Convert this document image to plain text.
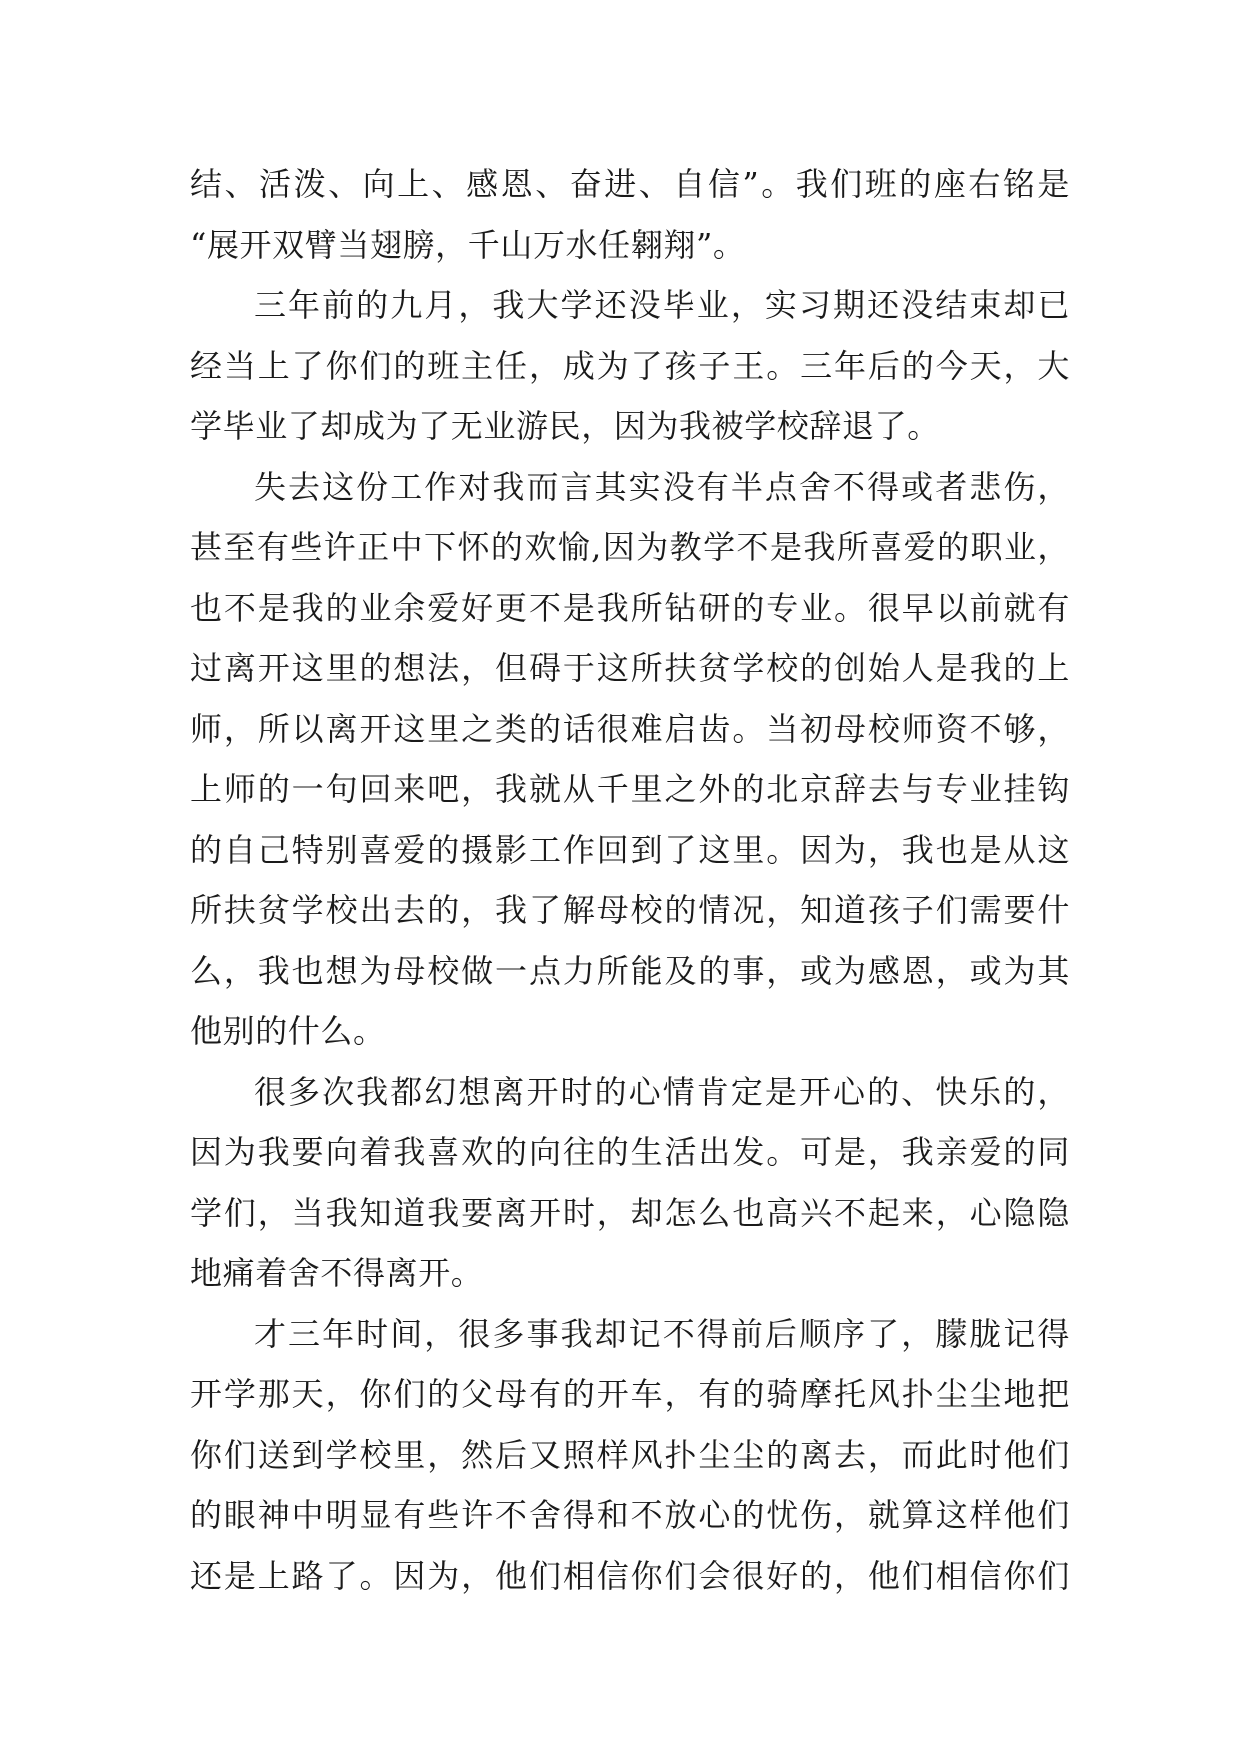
结、活泼、向上、感恩、奋进、自信”。我们班的座右铭是
“展开双臂当翅膀，千山万水任翱翔”。
三年前的九月，我大学还没毕业，实习期还没结束却已
经当上了你们的班主任，成为了孩子王。三年后的今天，大
学毕业了却成为了无业游民，因为我被学校辞退了。
失去这份工作对我而言其实没有半点舍不得或者悲伤，
甚至有些许正中下怀的欢愉,因为教学不是我所喜爱的职业，
也不是我的业余爱好更不是我所钻研的专业。很早以前就有
过离开这里的想法，但碍于这所扶贫学校的创始人是我的上
师，所以离开这里之类的话很难启齿。当初母校师资不够，
上师的一句回来吧，我就从千里之外的北京辞去与专业挂钩
的自己特别喜爱的摄影工作回到了这里。因为，我也是从这
所扶贫学校出去的，我了解母校的情况，知道孩子们需要什
么，我也想为母校做一点力所能及的事，或为感恩，或为其
他别的什么。
很多次我都幻想离开时的心情肯定是开心的、快乐的，
因为我要向着我喜欢的向往的生活出发。可是，我亲爱的同
学们，当我知道我要离开时，却怎么也高兴不起来，心隐隐
地痛着舍不得离开。
才三年时间，很多事我却记不得前后顺序了，朦胧记得
开学那天，你们的父母有的开车，有的骑摩托风扑尘尘地把
你们送到学校里，然后又照样风扑尘尘的离去，而此时他们
的眼神中明显有些许不舍得和不放心的忧伤，就算这样他们
还是上路了。因为，他们相信你们会很好的，他们相信你们
